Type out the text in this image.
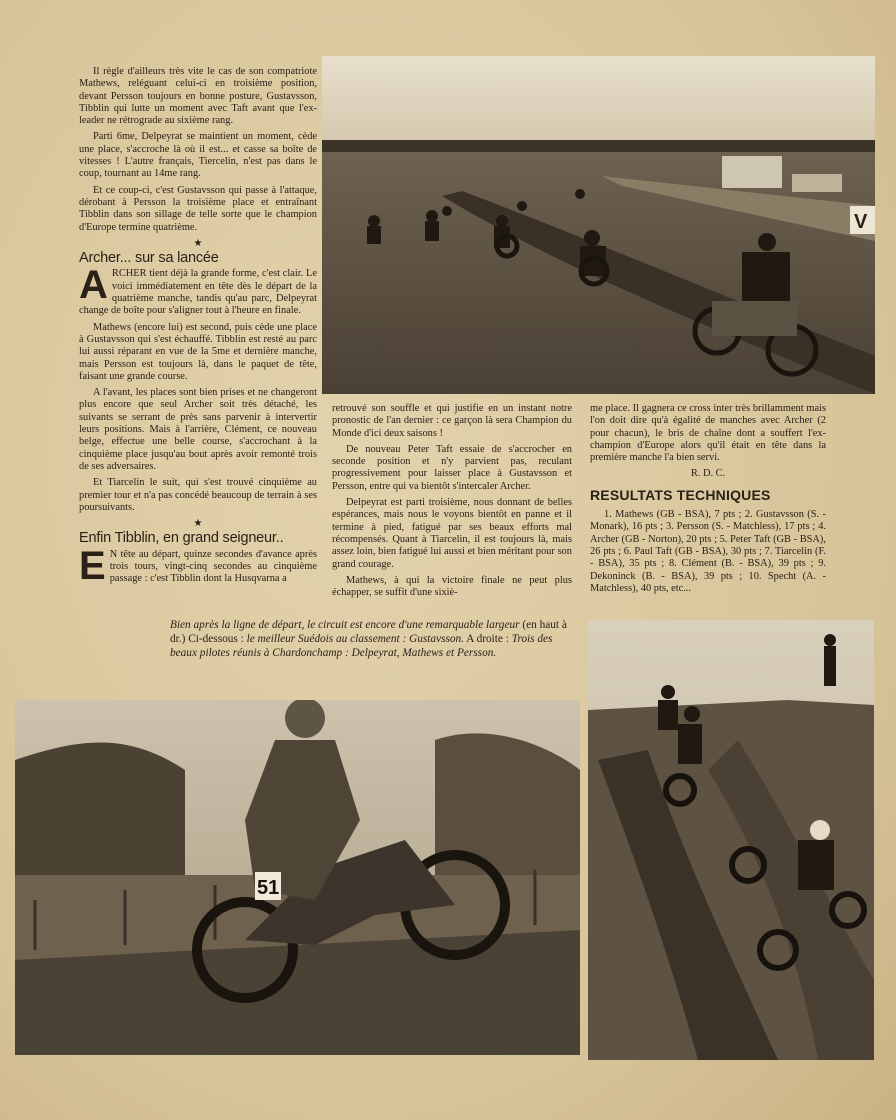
Il règle d'ailleurs très vite le cas de son compatriote Mathews, reléguant celui-ci en troisième position, devant Persson toujours en bonne posture, Gustavsson, Tibblin qui lutte un moment avec Taft avant que l'ex-leader ne rétrograde au sixième rang.

Parti 6me, Delpeyrat se maintient un moment, cède une place, s'accroche là où il est... et casse sa boîte de vitesses ! L'autre français, Tiercelin, n'est pas dans le coup, tournant au 14me rang.

Et ce coup-ci, c'est Gustavsson qui passe à l'attaque, dérobant à Persson la troisième place et entraînant Tibblin dans son sillage de telle sorte que le champion d'Europe termine quatrième.

★
Archer... sur sa lancée

ARCHER tient déjà la grande forme, c'est clair. Le voici immédiatement en tête dès le départ de la quatrième manche, tandis qu'au parc, Delpeyrat change de boîte pour s'aligner tout à l'heure en finale.

Mathews (encore lui) est second, puis cède une place à Gustavsson qui s'est échauffé. Tibblin est resté au parc lui aussi réparant en vue de la 5me et dernière manche, mais Persson est toujours là, dans le paquet de tête, faisant une grande course.

A l'avant, les places sont bien prises et ne changeront plus encore que seul Archer soit très détaché, les suivants se serrant de près sans parvenir à intervertir leurs positions. Mais à l'arrière, Clément, ce nouveau belge, effectue une belle course, s'accrochant à la cinquième place jusqu'au bout après avoir remonté trois de ses adversaires.

Et Tiarcelin le suit, qui s'est trouvé cinquième au premier tour et n'a pas concédé beaucoup de terrain à ses poursuivants.

★
Enfin Tibblin, en grand seigneur..

E N tête au départ, quinze secondes d'avance après trois tours, vingt-cinq secondes au cinquième passage : c'est Tibblin dont la Husqvarna a

retrouvé son souffle et qui justifie en un instant notre pronostic de l'an dernier : ce garçon là sera Champion du Monde d'ici deux saisons !

De nouveau Peter Taft essaie de s'accrocher en seconde position et n'y parvient pas, reculant progressivement pour laisser place à Gustavsson et Persson, entre qui va bientôt s'intercaler Archer.

Delpeyrat est parti troisième, nous donnant de belles espérances, mais nous le voyons bientôt en panne et il termine à pied, fatigué par ses beaux efforts mal récompensés. Quant à Tiarcelin, il est toujours là, mais assez loin, bien fatigué lui aussi et bien méritant pour son grand courage.

Mathews, à qui la victoire finale ne peut plus échapper, se suffit d'une sixiè-

me place. Il gagnera ce cross inter très brillamment mais l'on doit dire qu'à égalité de manches avec Archer (2 pour chacun), le bris de chaîne dont a souffert l'ex-champion d'Europe alors qu'il était en tête dans la première manche l'a bien servi.

R. D. C.
RESULTATS TECHNIQUES

1. Mathews (GB - BSA), 7 pts ; 2. Gustavsson (S. - Monark), 16 pts ; 3. Persson (S. - Matchless), 17 pts ; 4. Archer (GB - Norton), 20 pts ; 5. Peter Taft (GB - BSA), 26 pts ; 6. Paul Taft (GB - BSA), 30 pts ; 7. Tiarcelin (F. - BSA), 35 pts ; 8. Clément (B. - BSA), 39 pts ; 9. Dekoninck (B. - BSA), 39 pts ; 10. Specht (A. - Matchless), 40 pts, etc...

Bien après la ligne de départ, le circuit est encore d'une remarquable largeur (en haut à dr.) Ci-dessous : le meilleur Suédois au classement : Gustavsson. A droite : Trois des beaux pilotes réunis à Chardonchamp : Delpeyrat, Mathews et Persson.
V
51
